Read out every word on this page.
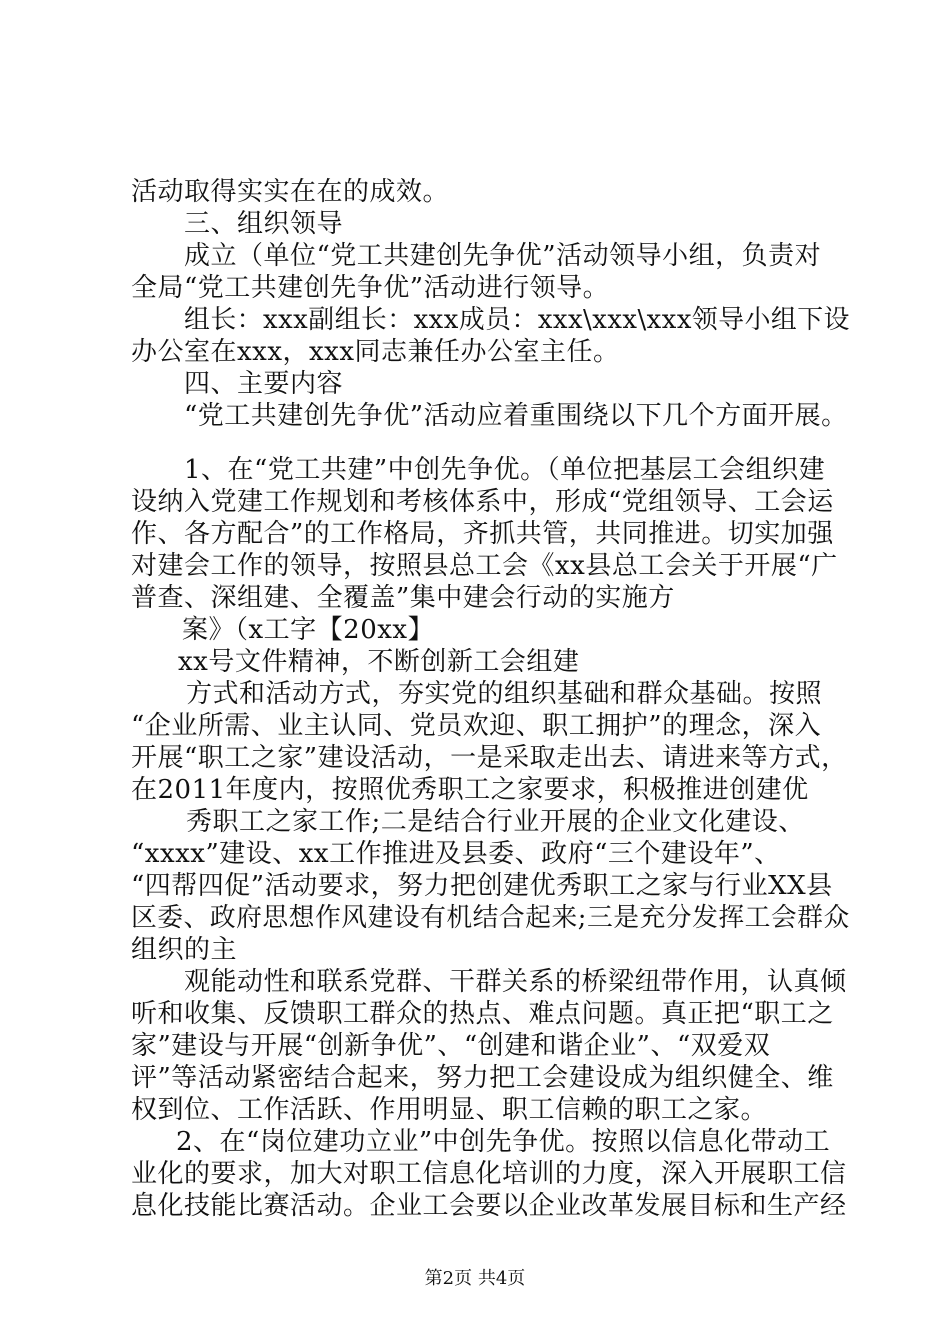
活动取得实实在在的成效。
三、组织领导
成立（单位“党工共建创先争优”活动领导小组，负责对
全局“党工共建创先争优”活动进行领导。
组长：xxx副组长：xxx成员：xxx\xxx\xxx领导小组下设
办公室在xxx，xxx同志兼任办公室主任。
四、主要内容
“党工共建创先争优”活动应着重围绕以下几个方面开展。
1、在“党工共建”中创先争优。（单位把基层工会组织建
设纳入党建工作规划和考核体系中，形成“党组领导、工会运
作、各方配合”的工作格局，齐抓共管，共同推进。切实加强
对建会工作的领导，按照县总工会《xx县总工会关于开展“广
普查、深组建、全覆盖”集中建会行动的实施方
案》（x工字【20xx】
xx号文件精神，不断创新工会组建
方式和活动方式，夯实党的组织基础和群众基础。按照
“企业所需、业主认同、党员欢迎、职工拥护”的理念，深入
开展“职工之家”建设活动，一是采取走出去、请进来等方式，
在2011年度内，按照优秀职工之家要求，积极推进创建优
秀职工之家工作;二是结合行业开展的企业文化建设、
“xxxx”建设、xx工作推进及县委、政府“三个建设年”、
“四帮四促”活动要求，努力把创建优秀职工之家与行业XX县
区委、政府思想作风建设有机结合起来;三是充分发挥工会群众
组织的主
观能动性和联系党群、干群关系的桥梁纽带作用，认真倾
听和收集、反馈职工群众的热点、难点问题。真正把“职工之
家”建设与开展“创新争优”、“创建和谐企业”、“双爱双
评”等活动紧密结合起来，努力把工会建设成为组织健全、维
权到位、工作活跃、作用明显、职工信赖的职工之家。
2、在“岗位建功立业”中创先争优。按照以信息化带动工
业化的要求，加大对职工信息化培训的力度，深入开展职工信
息化技能比赛活动。企业工会要以企业改革发展目标和生产经
第2页 共4页
